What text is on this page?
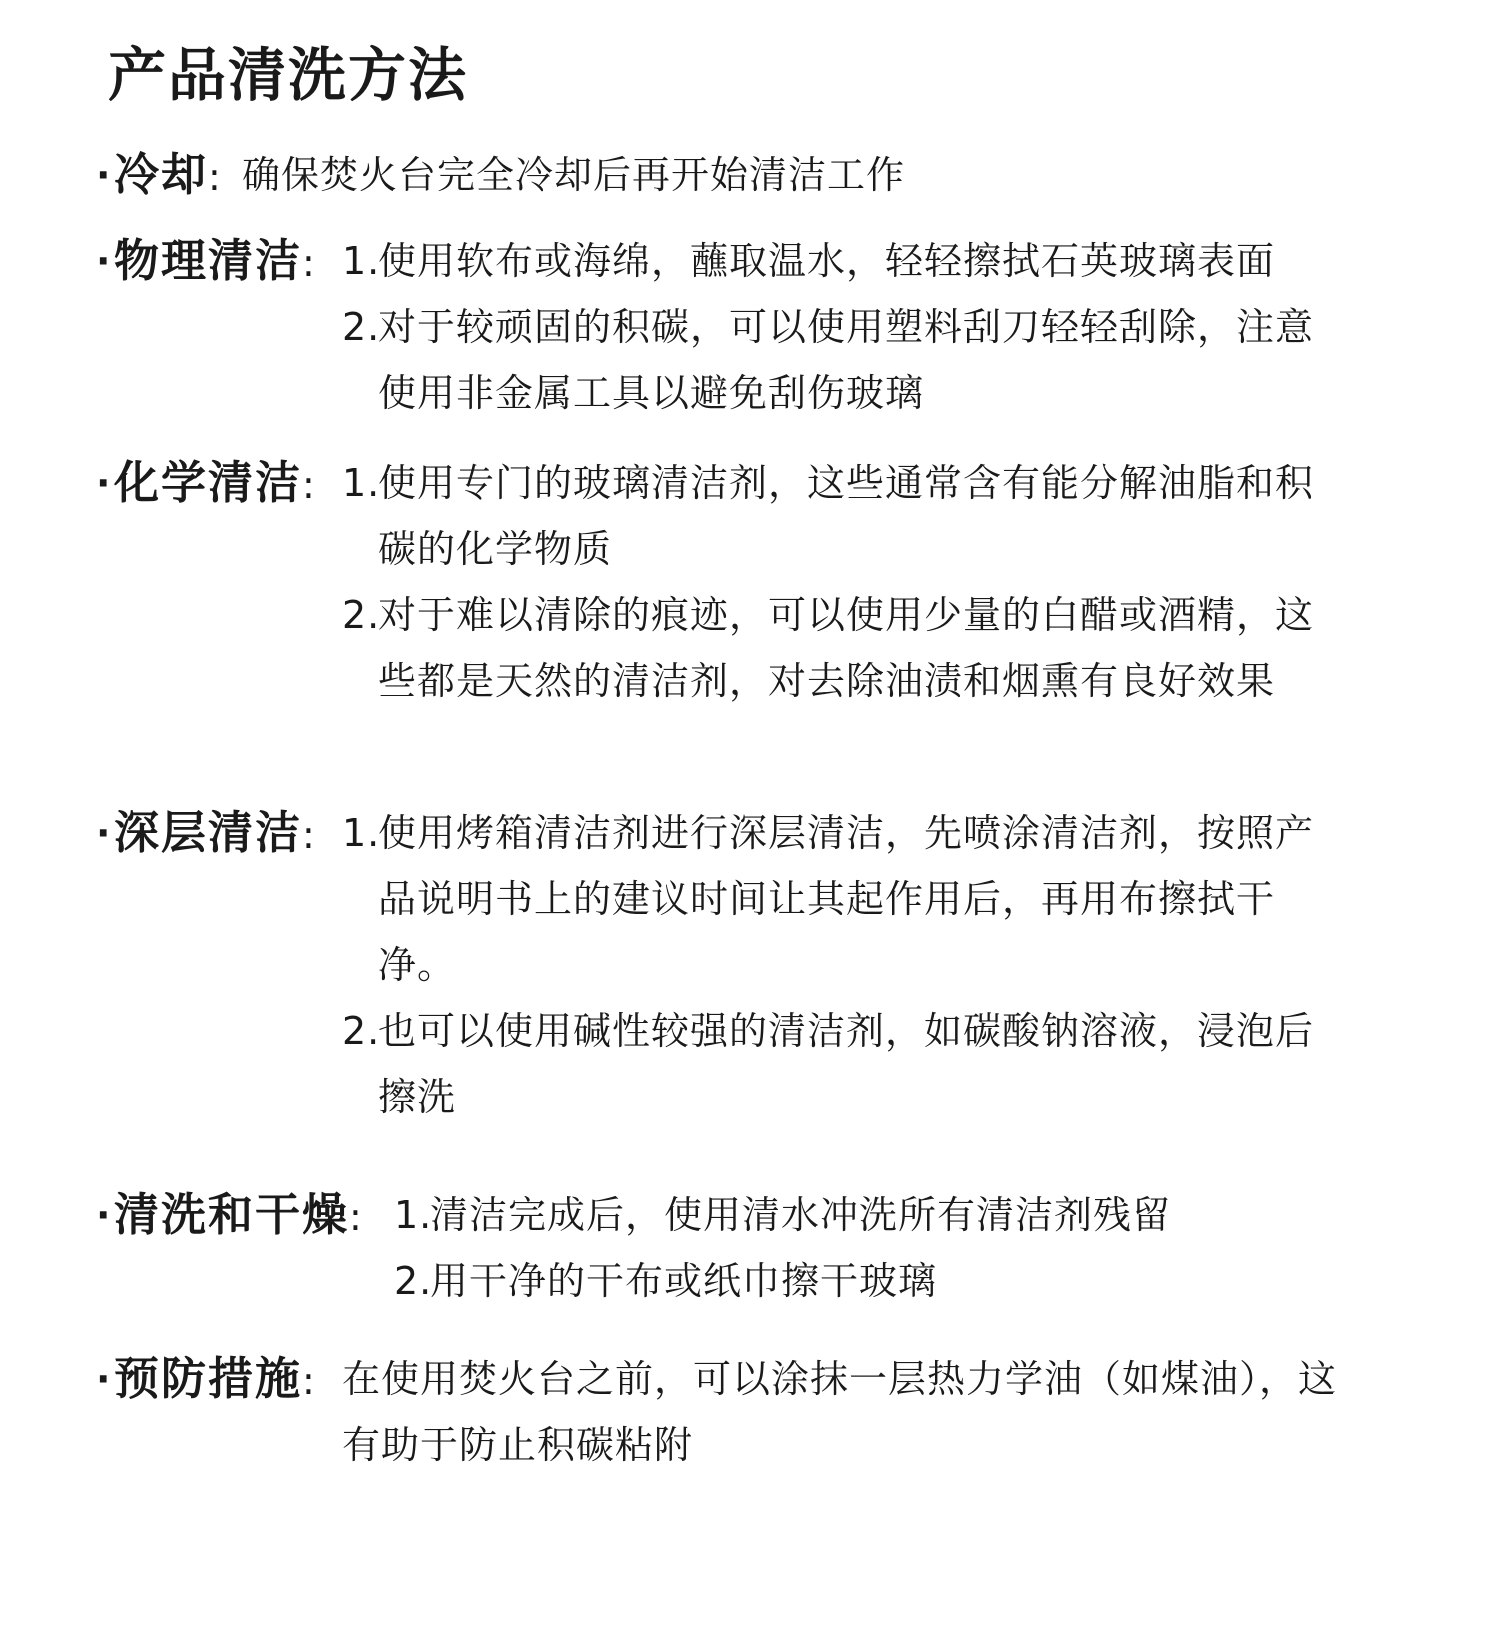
产品清洗方法
· 冷却: 确保焚火台完全冷却后再开始清洁工作
· 物理清洁: 1.
使用软布或海绵，蘸取温水，轻轻擦拭石英玻璃表面
2.
对于较顽固的积碳，可以使用塑料刮刀轻轻刮除，注意使用非金属工具以避免刮伤玻璃
· 化学清洁: 1.
使用专门的玻璃清洁剂，这些通常含有能分解油脂和积碳的化学物质
2.
对于难以清除的痕迹，可以使用少量的白醋或酒精，这些都是天然的清洁剂，对去除油渍和烟熏有良好效果
· 深层清洁: 1.
使用烤箱清洁剂进行深层清洁，先喷涂清洁剂，按照产品说明书上的建议时间让其起作用后，再用布擦拭干净。
2.
也可以使用碱性较强的清洁剂，如碳酸钠溶液，浸泡后擦洗
· 清洗和干燥: 1.
清洁完成后，使用清水冲洗所有清洁剂残留
2.
用干净的干布或纸巾擦干玻璃
· 预防措施: 在使用焚火台之前，可以涂抹一层热力学油（如煤油），这有助于防止积碳粘附
